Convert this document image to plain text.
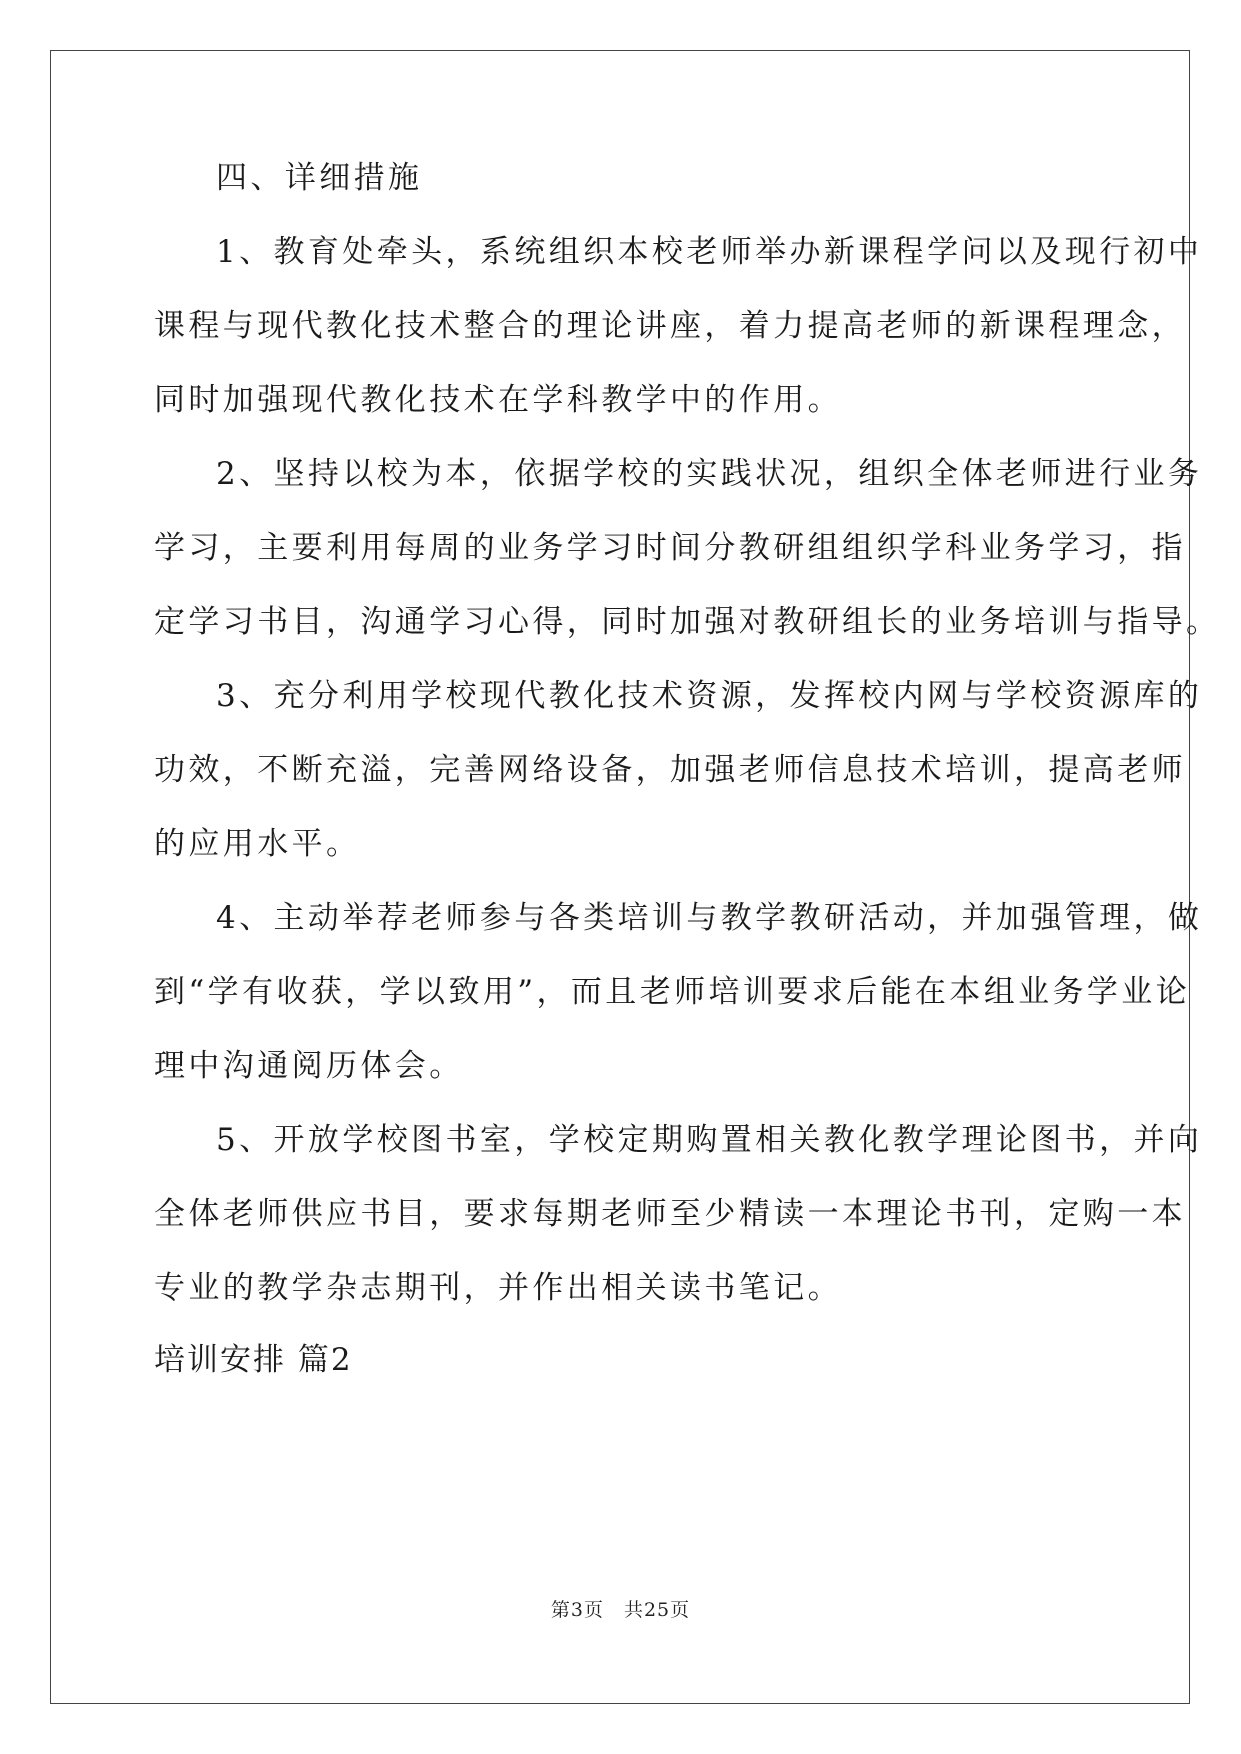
四、详细措施
1、教育处牵头，系统组织本校老师举办新课程学问以及现行初中
课程与现代教化技术整合的理论讲座，着力提高老师的新课程理念，
同时加强现代教化技术在学科教学中的作用。
2、坚持以校为本，依据学校的实践状况，组织全体老师进行业务
学习，主要利用每周的业务学习时间分教研组组织学科业务学习，指
定学习书目，沟通学习心得，同时加强对教研组长的业务培训与指导。
3、充分利用学校现代教化技术资源，发挥校内网与学校资源库的
功效，不断充溢，完善网络设备，加强老师信息技术培训，提高老师
的应用水平。
4、主动举荐老师参与各类培训与教学教研活动，并加强管理，做
到“学有收获，学以致用”，而且老师培训要求后能在本组业务学业论
理中沟通阅历体会。
5、开放学校图书室，学校定期购置相关教化教学理论图书，并向
全体老师供应书目，要求每期老师至少精读一本理论书刊，定购一本
专业的教学杂志期刊，并作出相关读书笔记。
培训安排 篇2
第3页　共25页
